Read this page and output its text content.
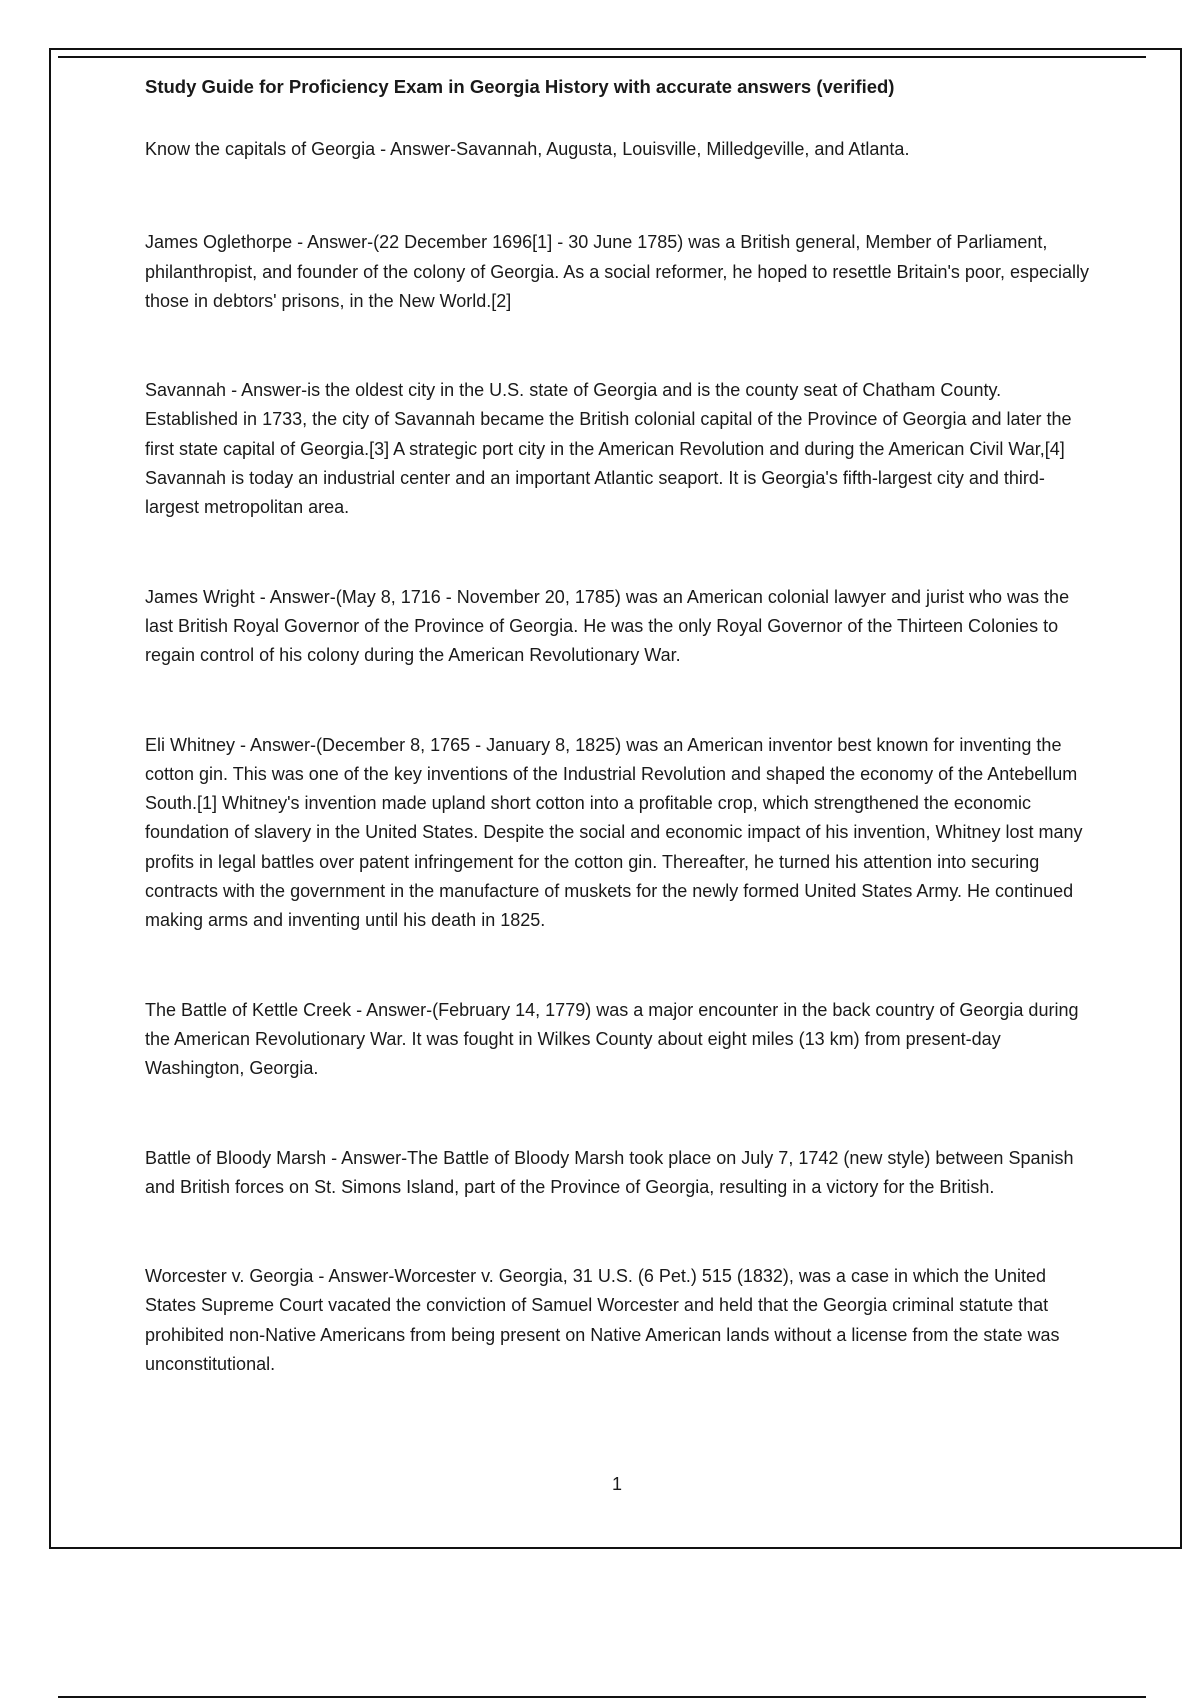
Study Guide for Proficiency Exam in Georgia History with accurate answers (verified)

Know the capitals of Georgia - Answer-Savannah, Augusta, Louisville, Milledgeville, and Atlanta.

James Oglethorpe - Answer-(22 December 1696[1] - 30 June 1785) was a British general, Member of Parliament, philanthropist, and founder of the colony of Georgia. As a social reformer, he hoped to resettle Britain's poor, especially those in debtors' prisons, in the New World.[2]

Savannah - Answer-is the oldest city in the U.S. state of Georgia and is the county seat of Chatham County. Established in 1733, the city of Savannah became the British colonial capital of the Province of Georgia and later the first state capital of Georgia.[3] A strategic port city in the American Revolution and during the American Civil War,[4] Savannah is today an industrial center and an important Atlantic seaport. It is Georgia's fifth-largest city and third-largest metropolitan area.

James Wright - Answer-(May 8, 1716 - November 20, 1785) was an American colonial lawyer and jurist who was the last British Royal Governor of the Province of Georgia. He was the only Royal Governor of the Thirteen Colonies to regain control of his colony during the American Revolutionary War.

Eli Whitney - Answer-(December 8, 1765 - January 8, 1825) was an American inventor best known for inventing the cotton gin. This was one of the key inventions of the Industrial Revolution and shaped the economy of the Antebellum South.[1] Whitney's invention made upland short cotton into a profitable crop, which strengthened the economic foundation of slavery in the United States. Despite the social and economic impact of his invention, Whitney lost many profits in legal battles over patent infringement for the cotton gin. Thereafter, he turned his attention into securing contracts with the government in the manufacture of muskets for the newly formed United States Army. He continued making arms and inventing until his death in 1825.

The Battle of Kettle Creek - Answer-(February 14, 1779) was a major encounter in the back country of Georgia during the American Revolutionary War. It was fought in Wilkes County about eight miles (13 km) from present-day Washington, Georgia.

Battle of Bloody Marsh - Answer-The Battle of Bloody Marsh took place on July 7, 1742 (new style) between Spanish and British forces on St. Simons Island, part of the Province of Georgia, resulting in a victory for the British.

Worcester v. Georgia - Answer-Worcester v. Georgia, 31 U.S. (6 Pet.) 515 (1832), was a case in which the United States Supreme Court vacated the conviction of Samuel Worcester and held that the Georgia criminal statute that prohibited non-Native Americans from being present on Native American lands without a license from the state was unconstitutional.

1
